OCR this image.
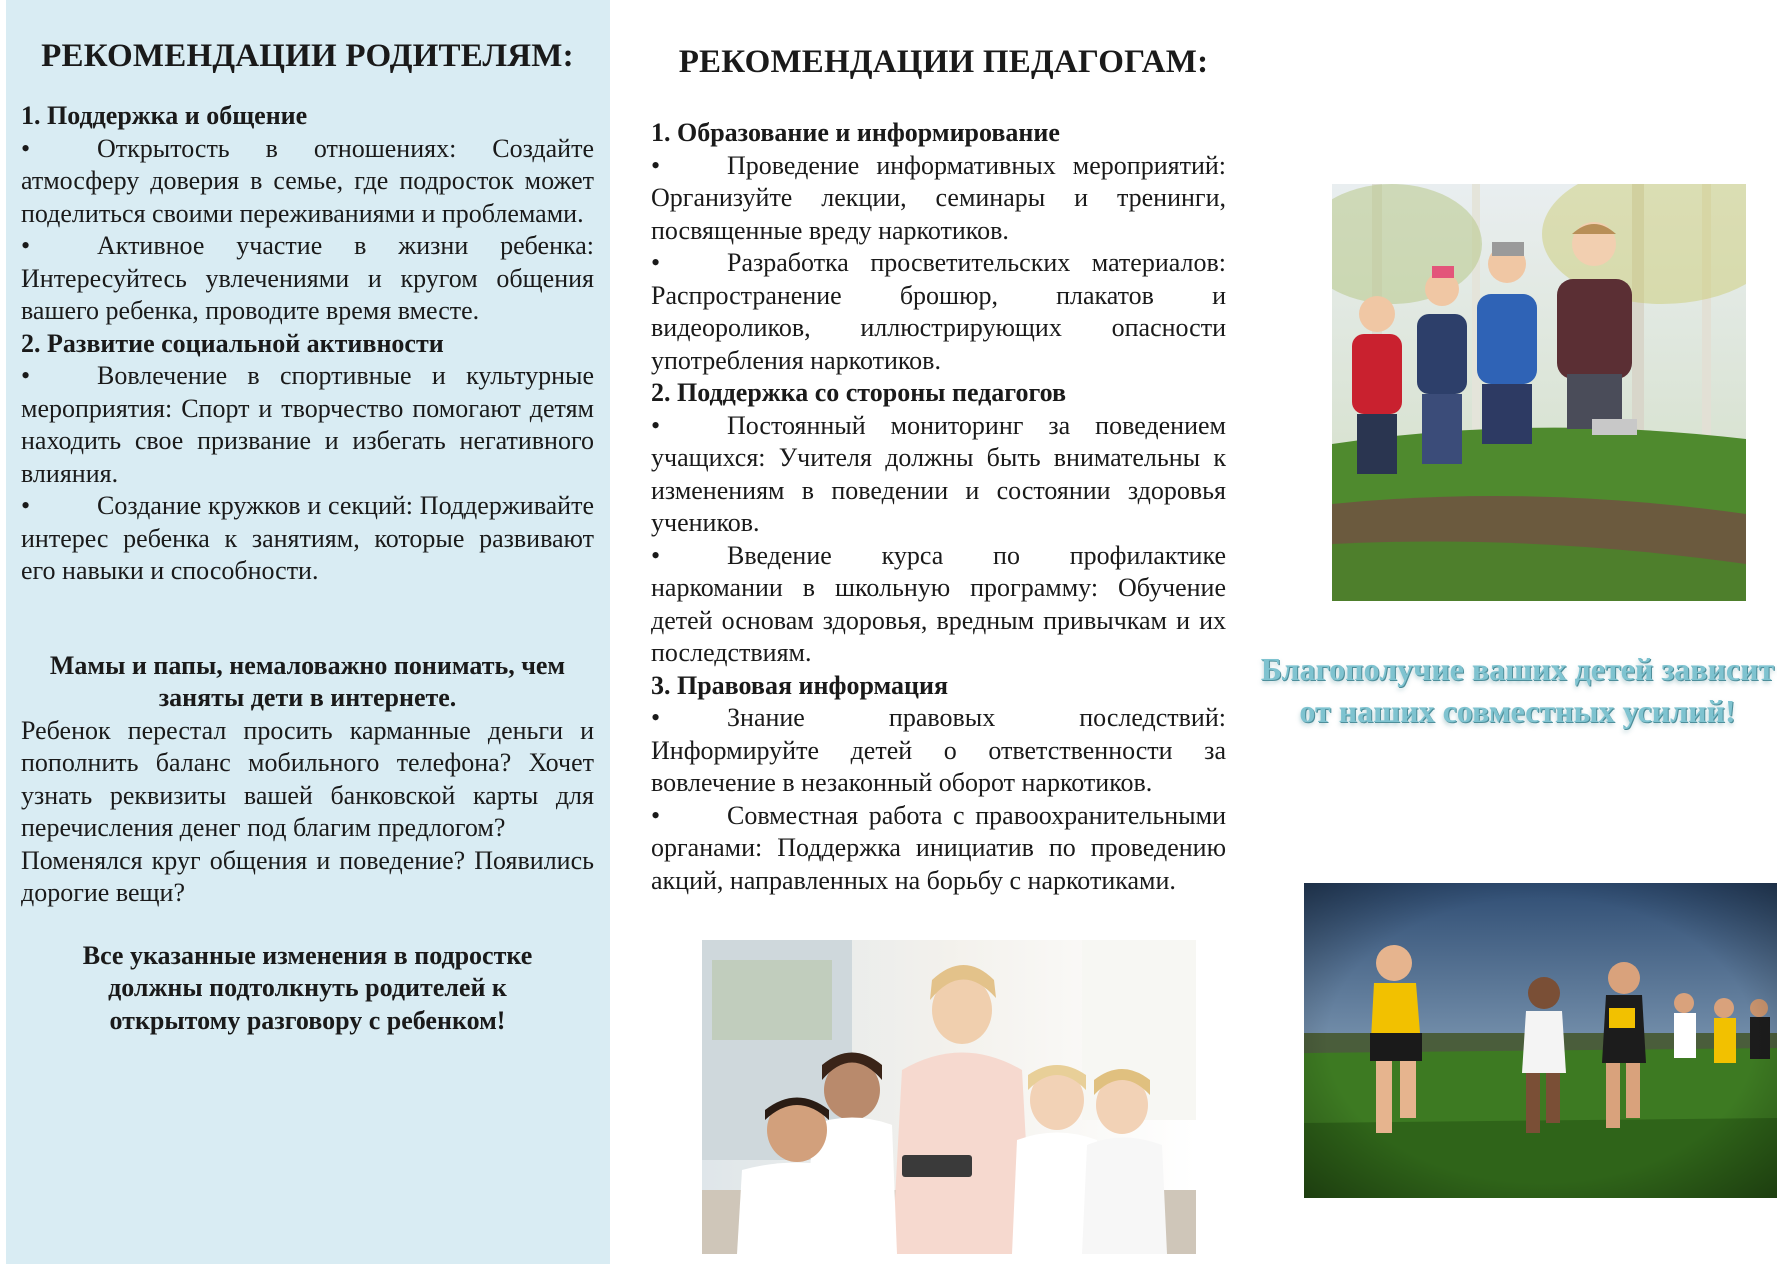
РЕКОМЕНДАЦИИ РОДИТЕЛЯМ:
1. Поддержка и общение

•	Открытость в отношениях: Создайте атмосферу доверия в семье, где подросток может поделиться своими переживаниями и проблемами.

•	Активное участие в жизни ребенка: Интересуйтесь увлечениями и кругом общения вашего ребенка, проводите время вместе.

2. Развитие социальной активности

•	Вовлечение в спортивные и культурные мероприятия: Спорт и творчество помогают детям находить свое призвание и избегать негативного влияния.

•	Создание кружков и секций: Поддерживайте интерес ребенка к занятиям, которые развивают его навыки и способности.

Мамы и папы, немаловажно понимать, чем заняты дети в интернете.

Ребенок перестал просить карманные деньги и пополнить баланс мобильного телефона? Хочет узнать реквизиты вашей банковской карты для перечисления денег под благим предлогом?

Поменялся круг общения и поведение? Появились дорогие вещи?

Все указанные изменения в подростке должны подтолкнуть родителей к открытому разговору с ребенком!

РЕКОМЕНДАЦИИ ПЕДАГОГАМ:
1. Образование и информирование

•	Проведение информативных мероприятий: Организуйте лекции, семинары и тренинги, посвященные вреду наркотиков.

•	Разработка просветительских материалов: Распространение брошюр, плакатов и видеороликов, иллюстрирующих опасности употребления наркотиков.

2. Поддержка со стороны педагогов

•	Постоянный мониторинг за поведением учащихся: Учителя должны быть внимательны к изменениям в поведении и состоянии здоровья учеников.

•	Введение курса по профилактике наркомании в школьную программу: Обучение детей основам здоровья, вредным привычкам и их последствиям.

3. Правовая информация

•	Знание правовых последствий: Информируйте детей о ответственности за вовлечение в незаконный оборот наркотиков.

•	Совместная работа с правоохранительными органами: Поддержка инициатив по проведению акций, направленных на борьбу с наркотиками.

Благополучие ваших детей зависит от наших совместных усилий!
